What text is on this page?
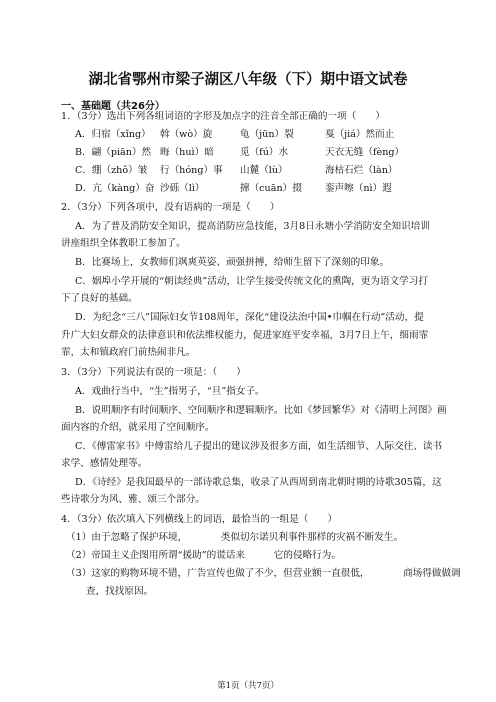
湖北省鄂州市梁子湖区八年级（下）期中语文试卷
一、基础题（共26分）
1．（3分）选出下列各组词语的字形及加点字的注音全部正确的一项（　　）
A．归宿（xǐng） 斡（wò）旋	龟（jūn）裂	戛（jiá）然而止
B．翩（piān）然 晦（huì）暗	觅（fú）水	天衣无缝（fèng）
C．绷（zhǒ）皱 行（hóng）事 山麓（lù）	海枯石烂（làn）
D．亢（kàng）奋 沙砾（lì）	撺（cuān）掇 銮声嚓（nì）遐
2．（3分）下列各项中，没有语病的一项是（　　）
A．为了普及消防安全知识，提高消防应急技能，3月8日永塘小学消防安全知识培训
讲座组织全体教职工参加了。
B．比赛场上，女教师们飒爽英姿、顽强拼搏，给师生留下了深刻的印象。
C．姻埠小学开展的“朝读经典”活动，让学生接受传统文化的熏陶，更为语文学习打
下了良好的基础。
D．为纪念“三八”国际妇女节108周年，深化“建设法治中国•巾帼在行动”活动，提
升广大妇女群众的法律意识和依法维权能力，促进家庭平安幸福，3月7日上午，细雨霏
霏，太和镇政府门前热闹非凡。
3．（3分）下列说法有误的一项是：（　　）
A．戏曲行当中，“生”指男子，“旦”指女子。
B．说明顺序有时间顺序、空间顺序和逻辑顺序。比如《梦回繁华》对《清明上河图》画
面内容的介绍，就采用了空间顺序。
C．《傅雷家书》中傅雷给儿子提出的建议涉及很多方面，如生活细节、人际交往、读书
求学、感情处理等。
D．《诗经》是我国最早的一部诗歌总集，收录了从西周到南北朝时期的诗歌305篇，这
些诗歌分为风、雅、颂三个部分。
4．（3分）依次填入下列横线上的词语，最恰当的一组是（　　）
（1）由于忽略了保护环境，　　　　类似切尔诺贝利事件那样的灾祸不断发生。
（2）帝国主义企图用所谓“援助”的谎话来　　　它的侵略行为。
（3）这家的购物环境不错，广告宣传也做了不少，但营业额一直很低，　　　　商场得做做调
查，找找原因。
第1页（共7页）
